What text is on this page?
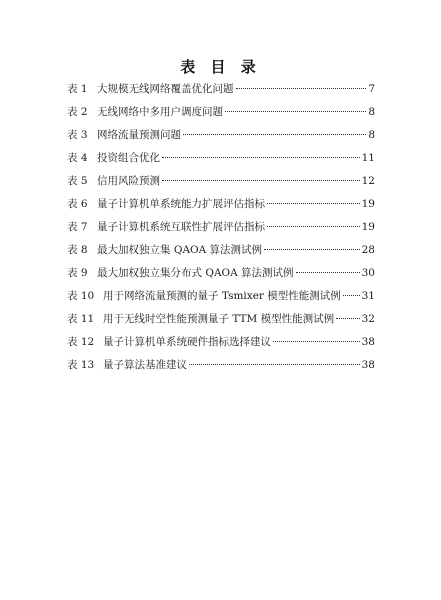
表 目 录
表 1 大规模无线网络覆盖优化问题	7
表 2 无线网络中多用户调度问题	8
表 3 网络流量预测问题	8
表 4 投资组合优化	11
表 5 信用风险预测	12
表 6 量子计算机单系统能力扩展评估指标	19
表 7 量子计算机系统互联性扩展评估指标	19
表 8 最大加权独立集 QAOA 算法测试例	28
表 9 最大加权独立集分布式 QAOA 算法测试例	30
表 10 用于网络流量预测的量子 Tsmixer 模型性能测试例 31
表 11 用于无线时空性能预测量子 TTM 模型性能测试例	32
表 12 量子计算机单系统硬件指标选择建议	38
表 13 量子算法基准建议	38
